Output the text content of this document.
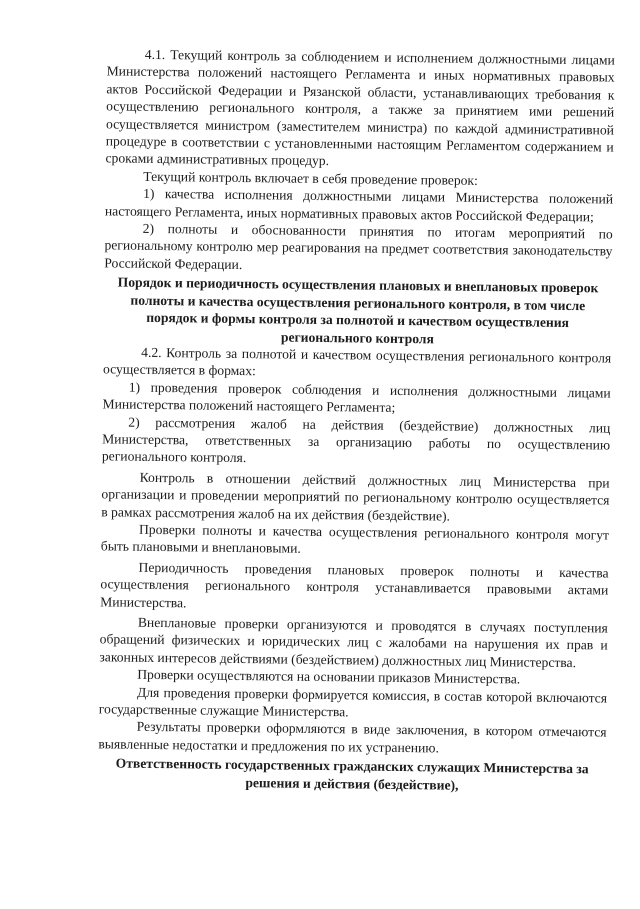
4.1. Текущий контроль за соблюдением и исполнением должностными лицами Министерства положений настоящего Регламента и иных нормативных правовых актов Российской Федерации и Рязанской области, устанавливающих требования к осуществлению регионального контроля, а также за принятием ими решений осуществляется министром (заместителем министра) по каждой административной процедуре в соответствии с установленными настоящим Регламентом содержанием и сроками административных процедур.

Текущий контроль включает в себя проведение проверок:

1) качества исполнения должностными лицами Министерства положений настоящего Регламента, иных нормативных правовых актов Российской Федерации;

2) полноты и обоснованности принятия по итогам мероприятий по региональному контролю мер реагирования на предмет соответствия законодательству Российской Федерации.

Порядок и периодичность осуществления плановых и внеплановых проверок полноты и качества осуществления регионального контроля, в том числе порядок и формы контроля за полнотой и качеством осуществления регионального контроля

4.2. Контроль за полнотой и качеством осуществления регионального контроля осуществляется в формах:

1) проведения проверок соблюдения и исполнения должностными лицами Министерства положений настоящего Регламента;

2) рассмотрения жалоб на действия (бездействие) должностных лиц Министерства, ответственных за организацию работы по осуществлению регионального контроля.

Контроль в отношении действий должностных лиц Министерства при организации и проведении мероприятий по региональному контролю осуществляется в рамках рассмотрения жалоб на их действия (бездействие).

Проверки полноты и качества осуществления регионального контроля могут быть плановыми и внеплановыми.

Периодичность проведения плановых проверок полноты и качества осуществления регионального контроля устанавливается правовыми актами Министерства.

Внеплановые проверки организуются и проводятся в случаях поступления обращений физических и юридических лиц с жалобами на нарушения их прав и законных интересов действиями (бездействием) должностных лиц Министерства.

Проверки осуществляются на основании приказов Министерства.

Для проведения проверки формируется комиссия, в состав которой включаются государственные служащие Министерства.

Результаты проверки оформляются в виде заключения, в котором отмечаются выявленные недостатки и предложения по их устранению.

Ответственность государственных гражданских служащих Министерства за решения и действия (бездействие),
